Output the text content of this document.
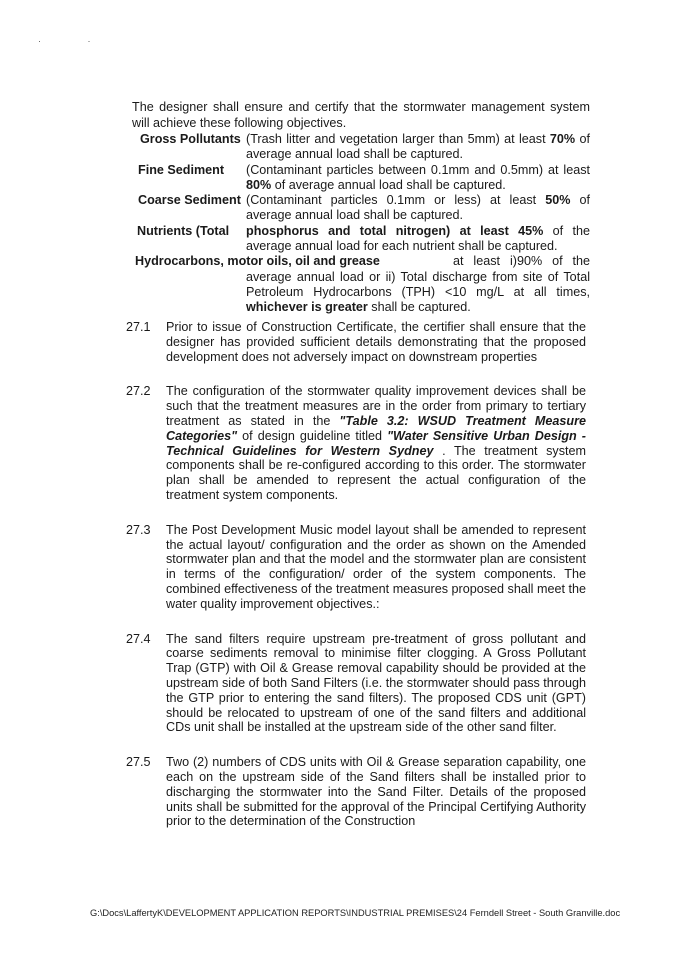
· ·

The designer shall ensure and certify that the stormwater management system will achieve these following objectives.

Gross Pollutants (Trash litter and vegetation larger than 5mm) at least 70% of average annual load shall be captured.
Fine Sediment (Contaminant particles between 0.1mm and 0.5mm) at least 80% of average annual load shall be captured.
Coarse Sediment (Contaminant particles 0.1mm or less) at least 50% of average annual load shall be captured.
Nutrients (Total phosphorus and total nitrogen) at least 45% of the average annual load for each nutrient shall be captured.
Hydrocarbons, motor oils, oil and grease	at least i)90% of the average annual load or ii) Total discharge from site of Total Petroleum Hydrocarbons (TPH) <10 mg/L at all times, whichever is greater shall be captured.
27.1	Prior to issue of Construction Certificate, the certifier shall ensure that the designer has provided sufficient details demonstrating that the proposed development does not adversely impact on downstream properties
27.2	The configuration of the stormwater quality improvement devices shall be such that the treatment measures are in the order from primary to tertiary treatment as stated in the "Table 3.2: WSUD Treatment Measure Categories" of design guideline titled "Water Sensitive Urban Design - Technical Guidelines for Western Sydney . The treatment system components shall be re-configured according to this order. The stormwater plan shall be amended to represent the actual configuration of the treatment system components.
27.3	The Post Development Music model layout shall be amended to represent the actual layout/ configuration and the order as shown on the Amended stormwater plan and that the model and the stormwater plan are consistent in terms of the configuration/ order of the system components. The combined effectiveness of the treatment measures proposed shall meet the water quality improvement objectives.:
27.4	The sand filters require upstream pre-treatment of gross pollutant and coarse sediments removal to minimise filter clogging. A Gross Pollutant Trap (GTP) with Oil & Grease removal capability should be provided at the upstream side of both Sand Filters (i.e. the stormwater should pass through the GTP prior to entering the sand filters). The proposed CDS unit (GPT) should be relocated to upstream of one of the sand filters and additional CDs unit shall be installed at the upstream side of the other sand filter.
27.5	Two (2) numbers of CDS units with Oil & Grease separation capability, one each on the upstream side of the Sand filters shall be installed prior to discharging the stormwater into the Sand Filter. Details of the proposed units shall be submitted for the approval of the Principal Certifying Authority prior to the determination of the Construction
G:\Docs\LaffertyK\DEVELOPMENT APPLICATION REPORTS\INDUSTRIAL PREMISES\24 Ferndell Street - South Granville.doc
